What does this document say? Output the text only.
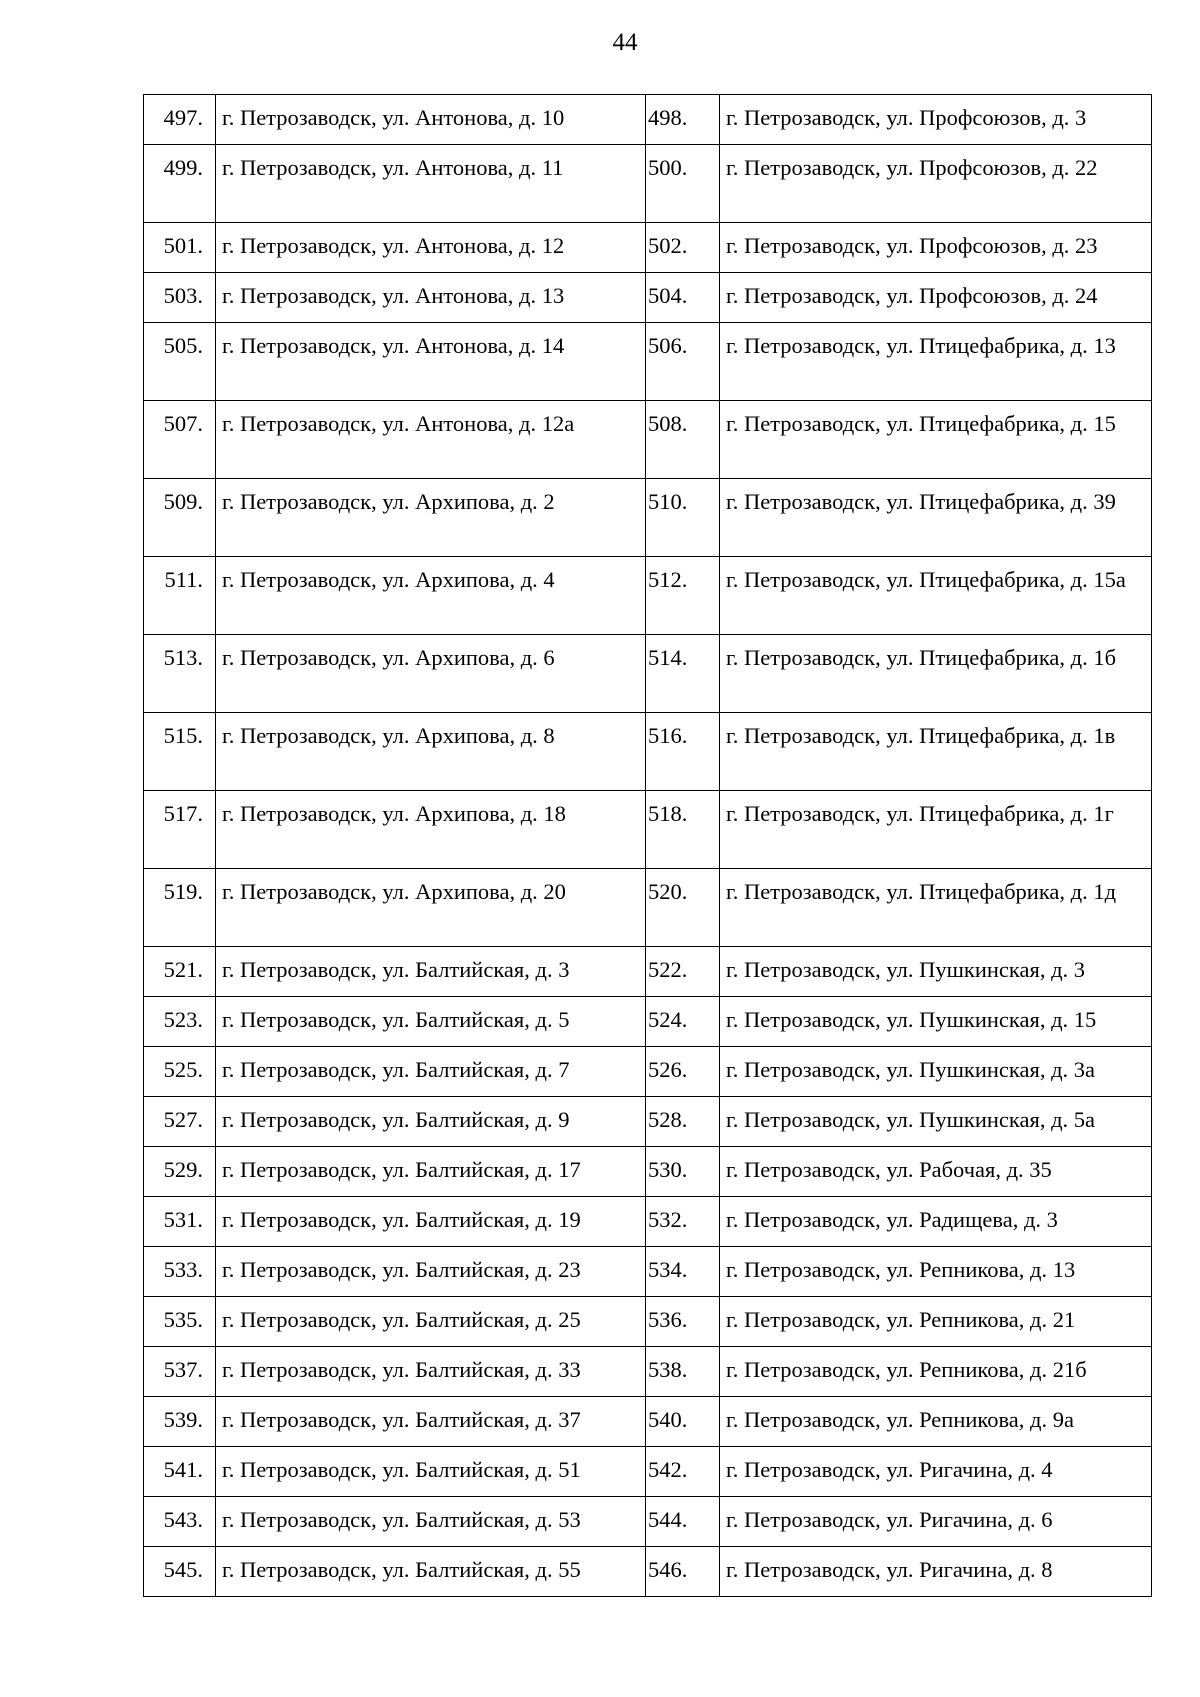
44
497.	г. Петрозаводск, ул. Антонова, д. 10	498.	г. Петрозаводск, ул. Профсоюзов, д. 3
499.	г. Петрозаводск, ул. Антонова, д. 11	500.	г. Петрозаводск, ул. Профсоюзов, д. 22
501.	г. Петрозаводск, ул. Антонова, д. 12	502.	г. Петрозаводск, ул. Профсоюзов, д. 23
503.	г. Петрозаводск, ул. Антонова, д. 13	504.	г. Петрозаводск, ул. Профсоюзов, д. 24
505.	г. Петрозаводск, ул. Антонова, д. 14	506.	г. Петрозаводск, ул. Птицефабрика, д. 13
507.	г. Петрозаводск, ул. Антонова, д. 12а	508.	г. Петрозаводск, ул. Птицефабрика, д. 15
509.	г. Петрозаводск, ул. Архипова, д. 2	510.	г. Петрозаводск, ул. Птицефабрика, д. 39
511.	г. Петрозаводск, ул. Архипова, д. 4	512.	г. Петрозаводск, ул. Птицефабрика, д. 15а
513.	г. Петрозаводск, ул. Архипова, д. 6	514.	г. Петрозаводск, ул. Птицефабрика, д. 1б
515.	г. Петрозаводск, ул. Архипова, д. 8	516.	г. Петрозаводск, ул. Птицефабрика, д. 1в
517.	г. Петрозаводск, ул. Архипова, д. 18	518.	г. Петрозаводск, ул. Птицефабрика, д. 1г
519.	г. Петрозаводск, ул. Архипова, д. 20	520.	г. Петрозаводск, ул. Птицефабрика, д. 1д
521.	г. Петрозаводск, ул. Балтийская, д. 3	522.	г. Петрозаводск, ул. Пушкинская, д. 3
523.	г. Петрозаводск, ул. Балтийская, д. 5	524.	г. Петрозаводск, ул. Пушкинская, д. 15
525.	г. Петрозаводск, ул. Балтийская, д. 7	526.	г. Петрозаводск, ул. Пушкинская, д. 3а
527.	г. Петрозаводск, ул. Балтийская, д. 9	528.	г. Петрозаводск, ул. Пушкинская, д. 5а
529.	г. Петрозаводск, ул. Балтийская, д. 17	530.	г. Петрозаводск, ул. Рабочая, д. 35
531.	г. Петрозаводск, ул. Балтийская, д. 19	532.	г. Петрозаводск, ул. Радищева, д. 3
533.	г. Петрозаводск, ул. Балтийская, д. 23	534.	г. Петрозаводск, ул. Репникова, д. 13
535.	г. Петрозаводск, ул. Балтийская, д. 25	536.	г. Петрозаводск, ул. Репникова, д. 21
537.	г. Петрозаводск, ул. Балтийская, д. 33	538.	г. Петрозаводск, ул. Репникова, д. 21б
539.	г. Петрозаводск, ул. Балтийская, д. 37	540.	г. Петрозаводск, ул. Репникова, д. 9а
541.	г. Петрозаводск, ул. Балтийская, д. 51	542.	г. Петрозаводск, ул. Ригачина, д. 4
543.	г. Петрозаводск, ул. Балтийская, д. 53	544.	г. Петрозаводск, ул. Ригачина, д. 6
545.	г. Петрозаводск, ул. Балтийская, д. 55	546.	г. Петрозаводск, ул. Ригачина, д. 8
